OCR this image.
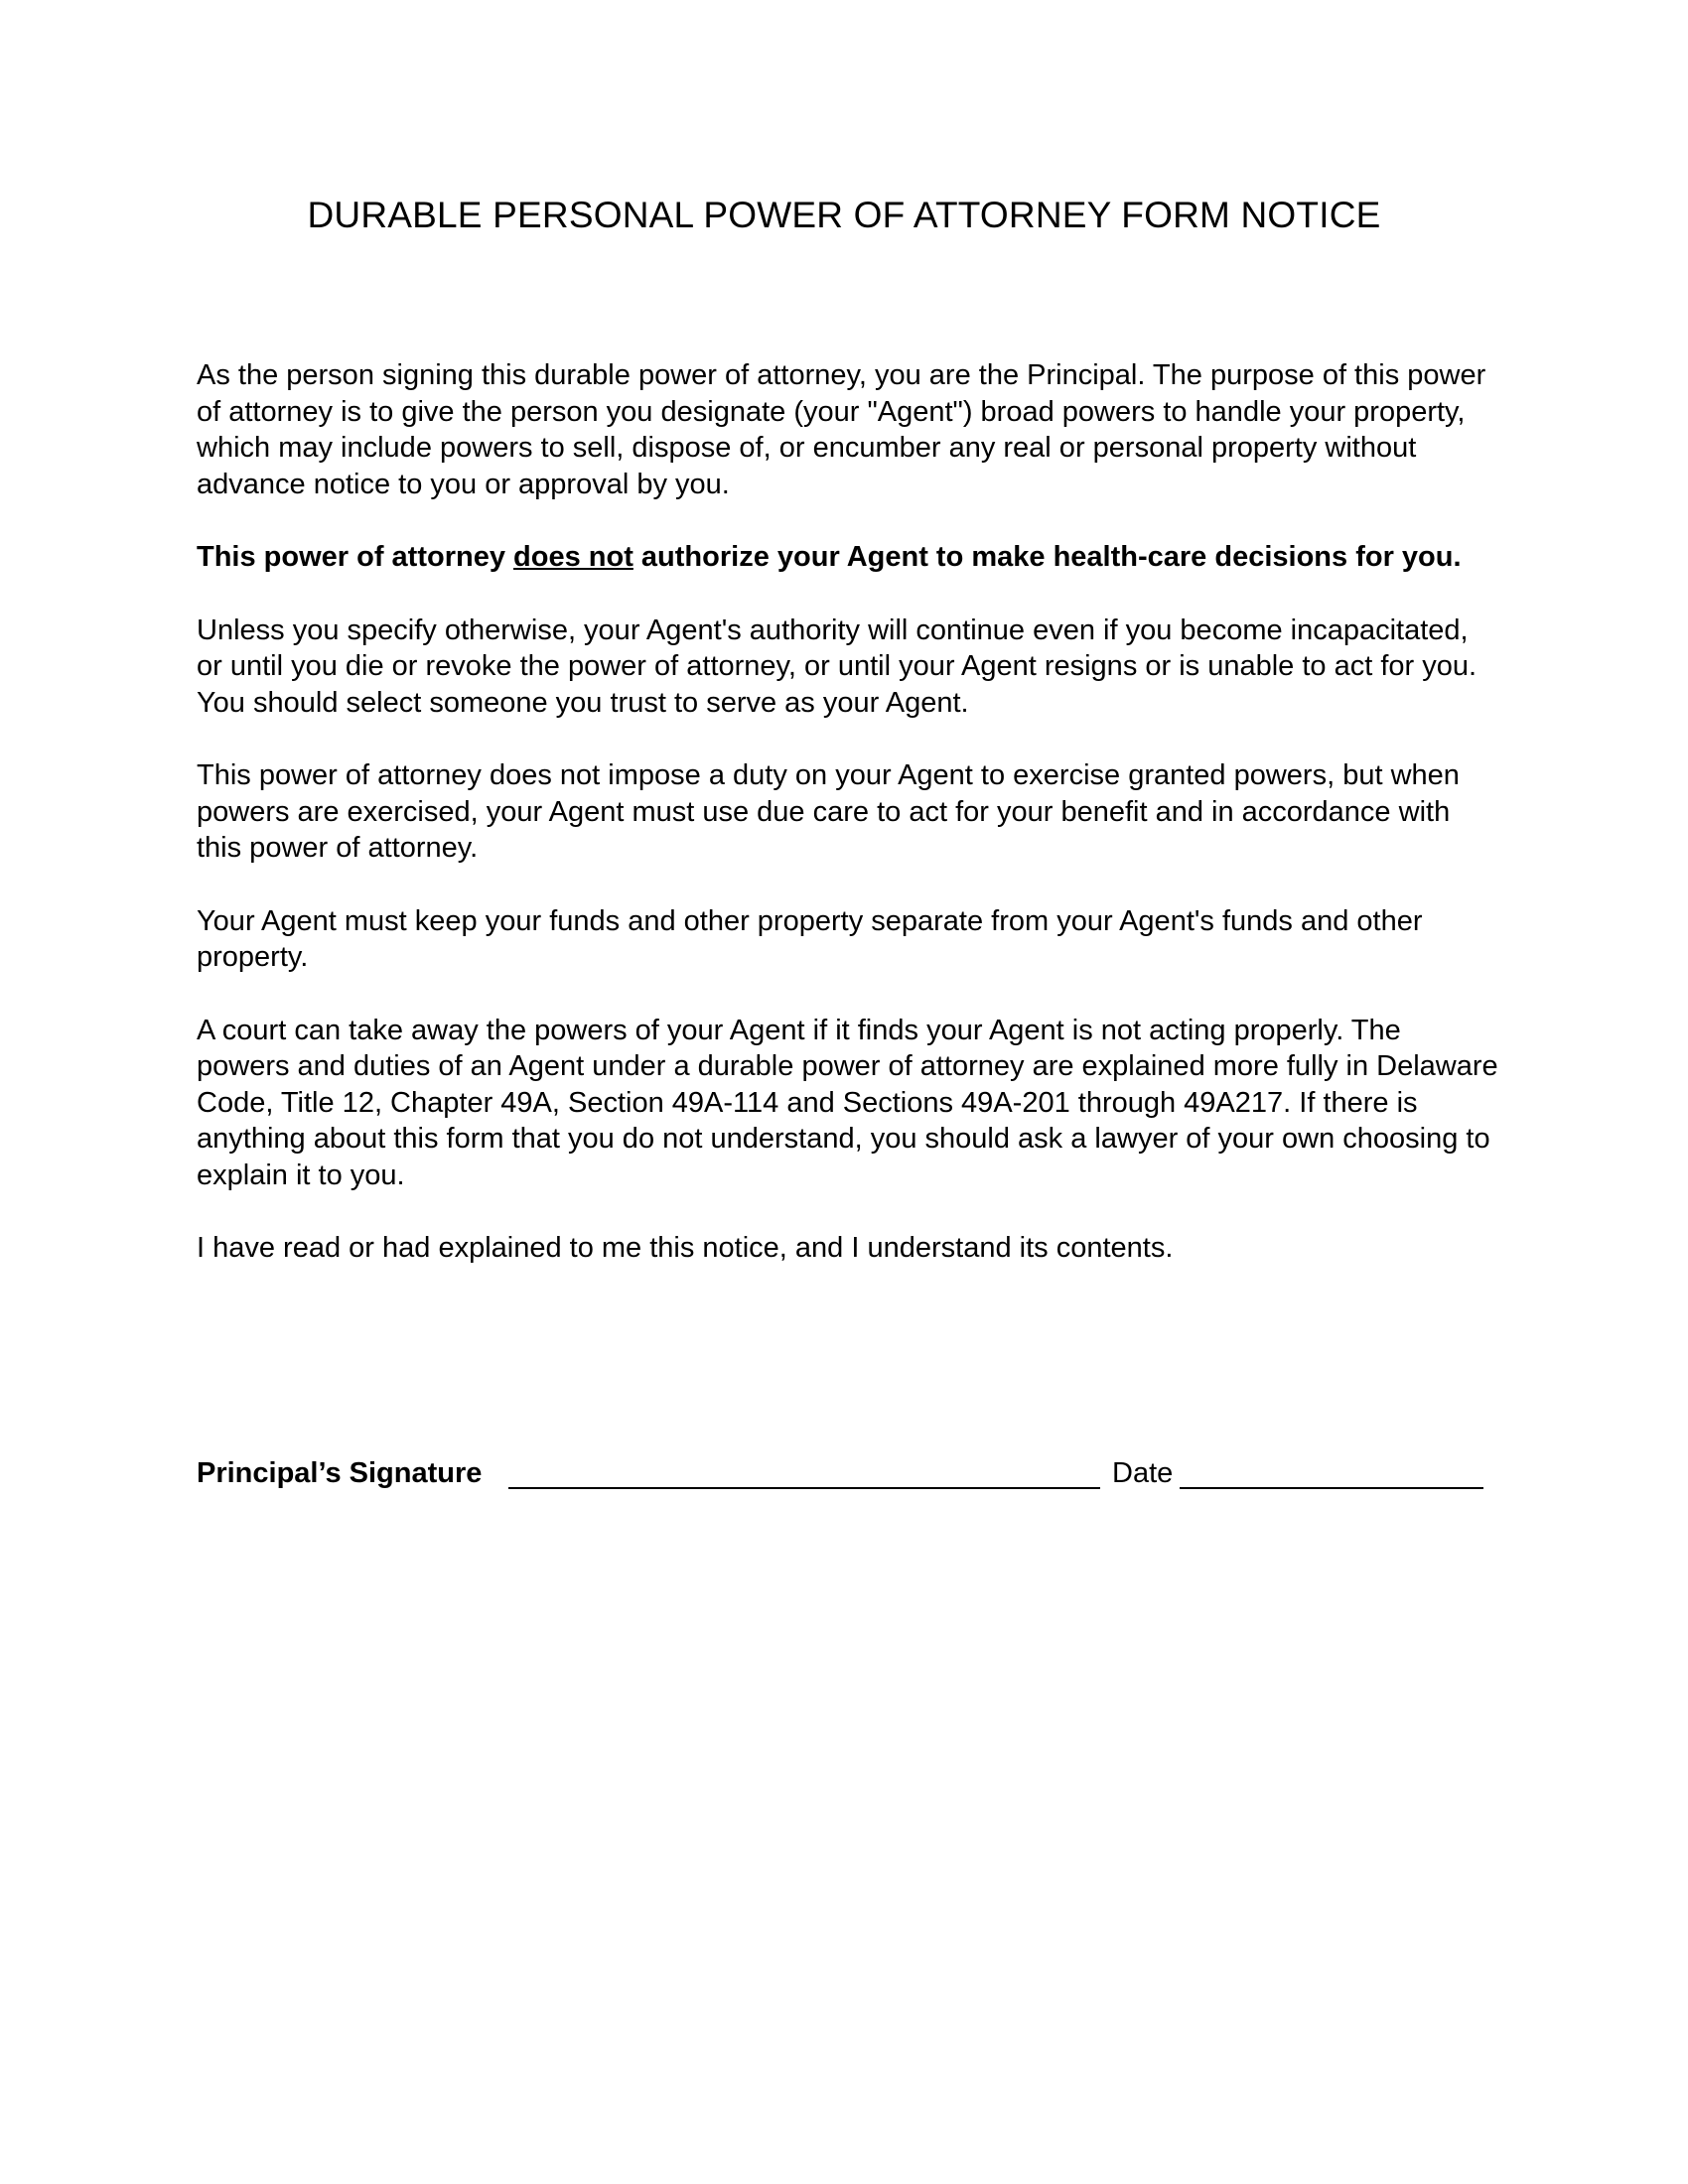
DURABLE PERSONAL POWER OF ATTORNEY FORM NOTICE

As the person signing this durable power of attorney, you are the Principal. The purpose of this power of attorney is to give the person you designate (your "Agent") broad powers to handle your property, which may include powers to sell, dispose of, or encumber any real or personal property without advance notice to you or approval by you.

This power of attorney does not authorize your Agent to make health-care decisions for you.

Unless you specify otherwise, your Agent's authority will continue even if you become incapacitated, or until you die or revoke the power of attorney, or until your Agent resigns or is unable to act for you. You should select someone you trust to serve as your Agent.

This power of attorney does not impose a duty on your Agent to exercise granted powers, but when powers are exercised, your Agent must use due care to act for your benefit and in accordance with this power of attorney.

Your Agent must keep your funds and other property separate from your Agent's funds and other property.

A court can take away the powers of your Agent if it finds your Agent is not acting properly. The powers and duties of an Agent under a durable power of attorney are explained more fully in Delaware Code, Title 12, Chapter 49A, Section 49A-114 and Sections 49A-201 through 49A217. If there is anything about this form that you do not understand, you should ask a lawyer of your own choosing to explain it to you.

I have read or had explained to me this notice, and I understand its contents.

Principal’s Signature	Date
